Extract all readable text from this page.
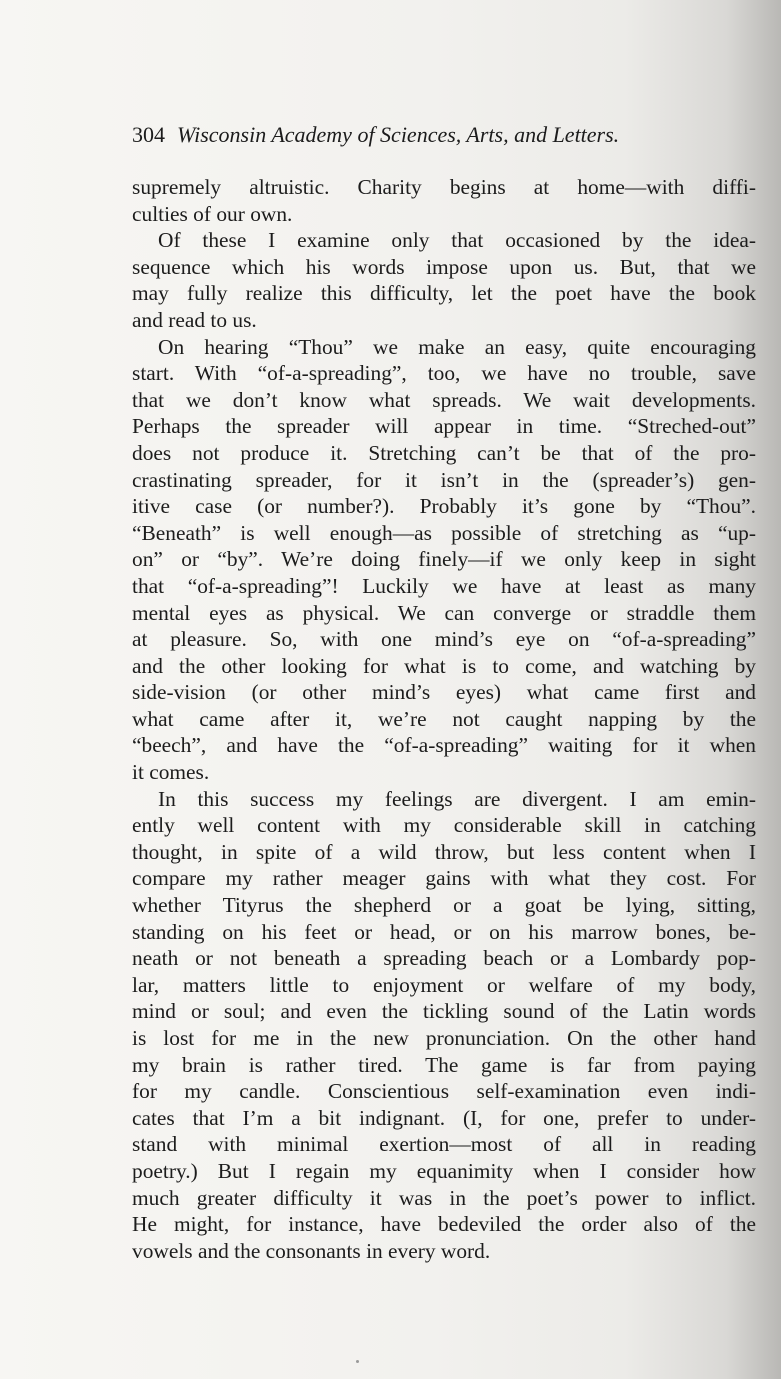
304 Wisconsin Academy of Sciences, Arts, and Letters.
supremely altruistic. Charity begins at home—with diffi-
culties of our own.
Of these I examine only that occasioned by the idea-
sequence which his words impose upon us. But, that we
may fully realize this difficulty, let the poet have the book
and read to us.
On hearing “Thou” we make an easy, quite encouraging
start. With “of-a-spreading”, too, we have no trouble, save
that we don’t know what spreads. We wait developments.
Perhaps the spreader will appear in time. “Streched-out”
does not produce it. Stretching can’t be that of the pro-
crastinating spreader, for it isn’t in the (spreader’s) gen-
itive case (or number?). Probably it’s gone by “Thou”.
“Beneath” is well enough—as possible of stretching as “up-
on” or “by”. We’re doing finely—if we only keep in sight
that “of-a-spreading”! Luckily we have at least as many
mental eyes as physical. We can converge or straddle them
at pleasure. So, with one mind’s eye on “of-a-spreading”
and the other looking for what is to come, and watching by
side-vision (or other mind’s eyes) what came first and
what came after it, we’re not caught napping by the
“beech”, and have the “of-a-spreading” waiting for it when
it comes.
In this success my feelings are divergent. I am emin-
ently well content with my considerable skill in catching
thought, in spite of a wild throw, but less content when I
compare my rather meager gains with what they cost. For
whether Tityrus the shepherd or a goat be lying, sitting,
standing on his feet or head, or on his marrow bones, be-
neath or not beneath a spreading beach or a Lombardy pop-
lar, matters little to enjoyment or welfare of my body,
mind or soul; and even the tickling sound of the Latin words
is lost for me in the new pronunciation. On the other hand
my brain is rather tired. The game is far from paying
for my candle. Conscientious self-examination even indi-
cates that I’m a bit indignant. (I, for one, prefer to under-
stand with minimal exertion—most of all in reading
poetry.) But I regain my equanimity when I consider how
much greater difficulty it was in the poet’s power to inflict.
He might, for instance, have bedeviled the order also of the
vowels and the consonants in every word.
